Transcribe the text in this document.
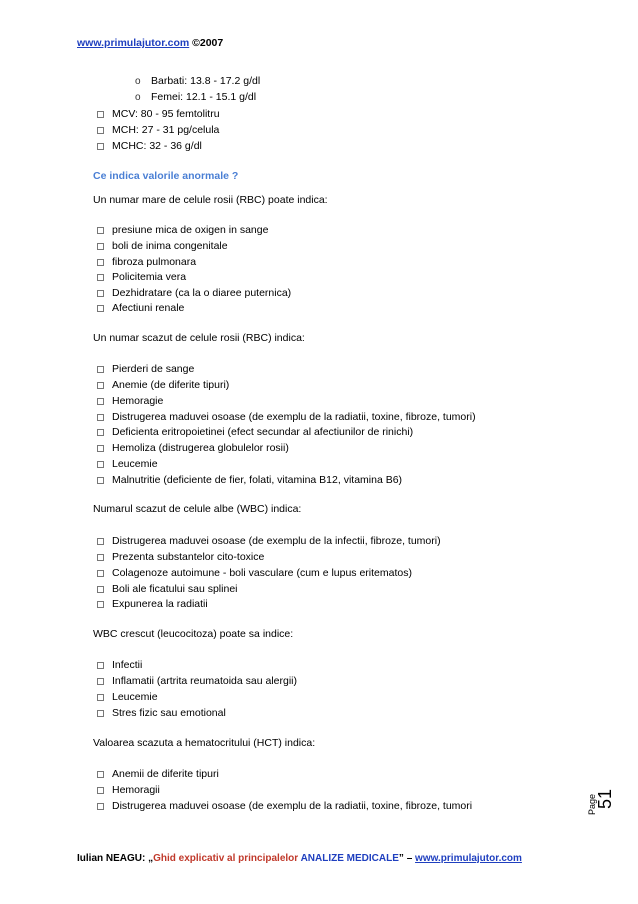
www.primulajutor.com ©2007
o Barbati: 13.8 - 17.2 g/dl
o Femei: 12.1 - 15.1 g/dl
MCV: 80 - 95 femtolitru
MCH: 27 - 31 pg/celula
MCHC: 32 - 36 g/dl
Ce indica valorile anormale ?
Un numar mare de celule rosii (RBC) poate indica:
presiune mica de oxigen in sange
boli de inima congenitale
fibroza pulmonara
Policitemia vera
Dezhidratare (ca la o diaree puternica)
Afectiuni renale
Un numar scazut de celule rosii (RBC) indica:
Pierderi de sange
Anemie (de diferite tipuri)
Hemoragie
Distrugerea maduvei osoase (de exemplu de la radiatii, toxine, fibroze, tumori)
Deficienta eritropoietinei (efect secundar al afectiunilor de rinichi)
Hemoliza (distrugerea globulelor rosii)
Leucemie
Malnutritie (deficiente de fier, folati, vitamina B12, vitamina B6)
Numarul scazut de celule albe (WBC) indica:
Distrugerea maduvei osoase (de exemplu de la infectii, fibroze, tumori)
Prezenta substantelor cito-toxice
Colagenoze autoimune - boli vasculare (cum e lupus eritematos)
Boli ale ficatului sau splinei
Expunerea la radiatii
WBC crescut (leucocitoza) poate sa indice:
Infectii
Inflamatii (artrita reumatoida sau alergii)
Leucemie
Stres fizic sau emotional
Valoarea scazuta a hematocritului (HCT) indica:
Anemii de diferite tipuri
Hemoragii
Distrugerea maduvei osoase (de exemplu de la radiatii, toxine, fibroze, tumori	Page
51
Iulian NEAGU: „Ghid explicativ al principalelor ANALIZE MEDICALE” – www.primulajutor.com
